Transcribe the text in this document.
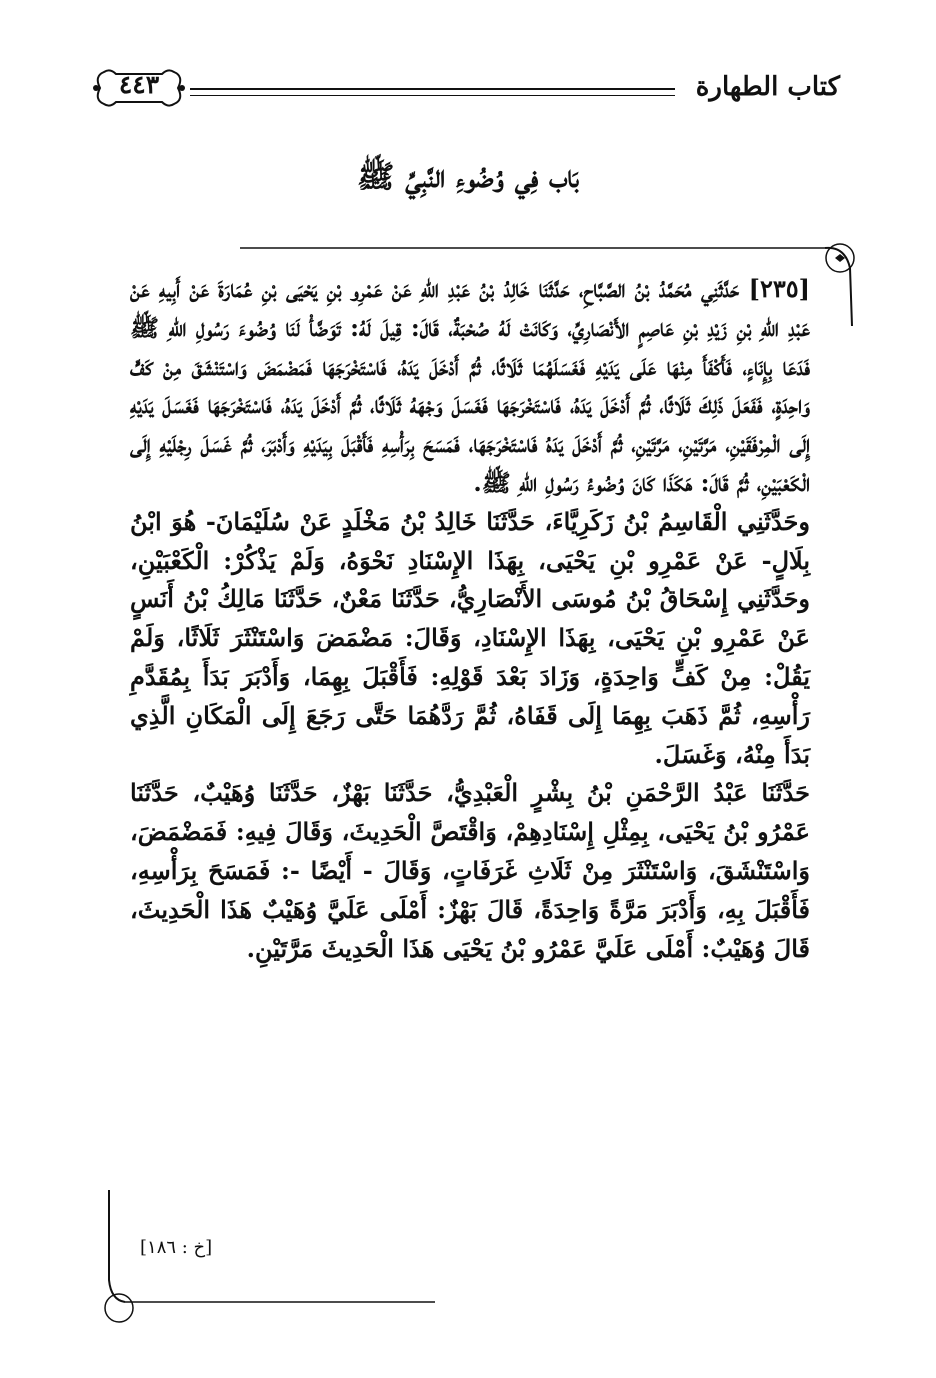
كتاب الطهارة
٤٤٣
بَاب فِي وُضُوءِ النَّبِيِّ ﷺ

[٢٣٥] حَدَّثَنِي مُحَمَّدُ بْنُ الصَّبَّاحِ، حَدَّثَنَا خَالِدُ بْنُ عَبْدِ اللهِ عَنْ عَمْرِو بْنِ يَحْيَى بْنِ عُمَارَةَ عَنْ أَبِيهِ عَنْ عَبْدِ اللهِ بْنِ زَيْدِ بْنِ عَاصِمٍ الأَنْصَارِيِّ، وَكَانَتْ لَهُ صُحْبَةٌ، قَالَ: قِيلَ لَهُ: تَوَضَّأْ لَنَا وُضُوءَ رَسُولِ اللهِ ﷺ فَدَعَا بِإِنَاءٍ، فَأَكْفَأَ مِنْهَا عَلَى يَدَيْهِ فَغَسَلَهُمَا ثَلَاثًا، ثُمَّ أَدْخَلَ يَدَهُ، فَاسْتَخْرَجَهَا فَمَضْمَضَ وَاسْتَنْشَقَ مِنْ كَفٍّ وَاحِدَةٍ، فَفَعَلَ ذَلِكَ ثَلَاثًا، ثُمَّ أَدْخَلَ يَدَهُ، فَاسْتَخْرَجَهَا فَغَسَلَ وَجْهَهُ ثَلَاثًا، ثُمَّ أَدْخَلَ يَدَهُ، فَاسْتَخْرَجَهَا فَغَسَلَ يَدَيْهِ إِلَى الْمِرْفَقَيْنِ، مَرَّتَيْنِ، مَرَّتَيْنِ، ثُمَّ أَدْخَلَ يَدَهُ فَاسْتَخْرَجَهَا، فَمَسَحَ بِرَأْسِهِ فَأَقْبَلَ بِيَدَيْهِ وَأَدْبَرَ، ثُمَّ غَسَلَ رِجْلَيْهِ إِلَى الْكَعْبَيْنِ، ثُمَّ قَالَ: هَكَذَا كَانَ وُضُوءُ رَسُولِ اللهِ ﷺ.

وحَدَّثَنِي الْقَاسِمُ بْنُ زَكَرِيَّاءَ، حَدَّثَنَا خَالِدُ بْنُ مَخْلَدٍ عَنْ سُلَيْمَانَ- هُوَ ابْنُ بِلَالٍ- عَنْ عَمْرِو بْنِ يَحْيَى، بِهَذَا الإِسْنَادِ نَحْوَهُ، وَلَمْ يَذْكُرْ: الْكَعْبَيْنِ، وحَدَّثَنِي إِسْحَاقُ بْنُ مُوسَى الأَنْصَارِيُّ، حَدَّثَنَا مَعْنٌ، حَدَّثَنَا مَالِكُ بْنُ أَنَسٍ عَنْ عَمْرِو بْنِ يَحْيَى، بِهَذَا الإِسْنَادِ، وَقَالَ: مَضْمَضَ وَاسْتَنْثَرَ ثَلَاثًا، وَلَمْ يَقُلْ: مِنْ كَفٍّ وَاحِدَةٍ، وَزَادَ بَعْدَ قَوْلِهِ: فَأَقْبَلَ بِهِمَا، وَأَدْبَرَ بَدَأَ بِمُقَدَّمِ رَأْسِهِ، ثُمَّ ذَهَبَ بِهِمَا إِلَى قَفَاهُ، ثُمَّ رَدَّهُمَا حَتَّى رَجَعَ إِلَى الْمَكَانِ الَّذِي بَدَأَ مِنْهُ، وَغَسَلَ.

حَدَّثَنَا عَبْدُ الرَّحْمَنِ بْنُ بِشْرٍ الْعَبْدِيُّ، حَدَّثَنَا بَهْزٌ، حَدَّثَنَا وُهَيْبٌ، حَدَّثَنَا عَمْرُو بْنُ يَحْيَى، بِمِثْلِ إِسْنَادِهِمْ، وَاقْتَصَّ الْحَدِيثَ، وَقَالَ فِيهِ: فَمَضْمَضَ، وَاسْتَنْشَقَ، وَاسْتَنْثَرَ مِنْ ثَلَاثِ غَرَفَاتٍ، وَقَالَ - أَيْضًا -: فَمَسَحَ بِرَأْسِهِ، فَأَقْبَلَ بِهِ، وَأَدْبَرَ مَرَّةً وَاحِدَةً، قَالَ بَهْزٌ: أَمْلَى عَلَيَّ وُهَيْبٌ هَذَا الْحَدِيثَ، قَالَ وُهَيْبٌ: أَمْلَى عَلَيَّ عَمْرُو بْنُ يَحْيَى هَذَا الْحَدِيثَ مَرَّتَيْنِ.

[خ : ١٨٦]
